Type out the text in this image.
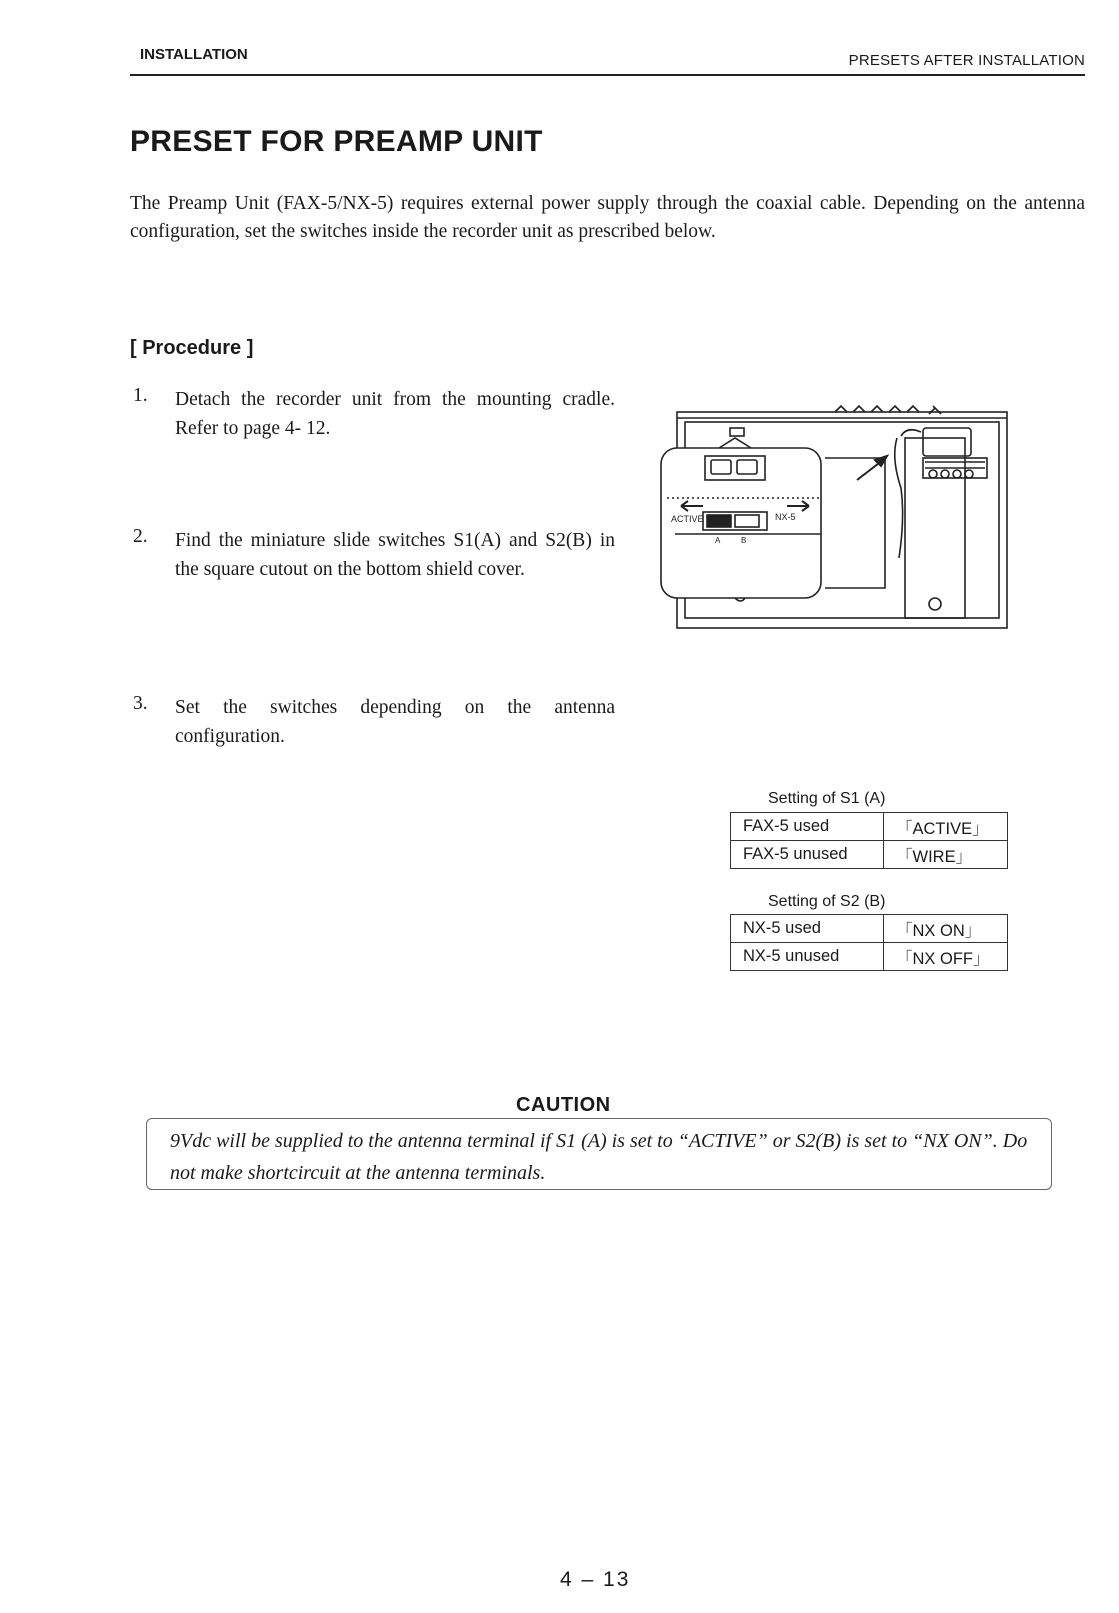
INSTALLATION	PRESETS AFTER INSTALLATION
PRESET FOR PREAMP UNIT
The Preamp Unit (FAX-5/NX-5) requires external power supply through the coaxial cable. Depending on the antenna configuration, set the switches inside the recorder unit as prescribed below.
[ Procedure ]
1. Detach the recorder unit from the mounting cradle. Refer to page 4- 12.
2. Find the miniature slide switches S1(A) and S2(B) in the square cutout on the bottom shield cover.
3. Set the switches depending on the antenna configuration.
ACTIVE	NX-5
A	B
Setting of S1 (A)
FAX-5 used	「ACTIVE」
FAX-5 unused	「WIRE」
Setting of S2 (B)
NX-5 used	「NX ON」
NX-5 unused	「NX OFF」
CAUTION
9Vdc will be supplied to the antenna terminal if S1 (A) is set to “ACTIVE” or S2(B) is set to “NX ON”. Do not make shortcircuit at the antenna terminals.
4 – 13
